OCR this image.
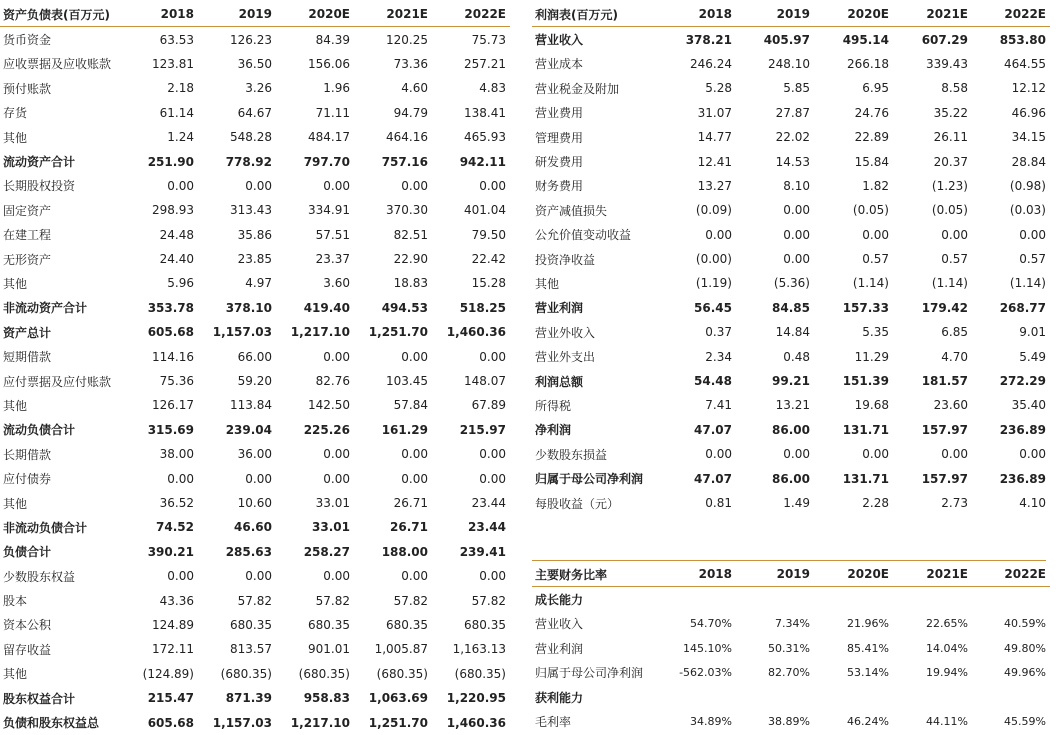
资产负债表(百万元)	2018	2019	2020E	2021E	2022E
货币资金	63.53	126.23	84.39	120.25	75.73
应收票据及应收账款	123.81	36.50	156.06	73.36	257.21
预付账款	2.18	3.26	1.96	4.60	4.83
存货	61.14	64.67	71.11	94.79	138.41
其他	1.24	548.28	484.17	464.16	465.93
流动资产合计	251.90	778.92	797.70	757.16	942.11
长期股权投资	0.00	0.00	0.00	0.00	0.00
固定资产	298.93	313.43	334.91	370.30	401.04
在建工程	24.48	35.86	57.51	82.51	79.50
无形资产	24.40	23.85	23.37	22.90	22.42
其他	5.96	4.97	3.60	18.83	15.28
非流动资产合计	353.78	378.10	419.40	494.53	518.25
资产总计	605.68	1,157.03	1,217.10	1,251.70	1,460.36
短期借款	114.16	66.00	0.00	0.00	0.00
应付票据及应付账款	75.36	59.20	82.76	103.45	148.07
其他	126.17	113.84	142.50	57.84	67.89
流动负债合计	315.69	239.04	225.26	161.29	215.97
长期借款	38.00	36.00	0.00	0.00	0.00
应付债券	0.00	0.00	0.00	0.00	0.00
其他	36.52	10.60	33.01	26.71	23.44
非流动负债合计	74.52	46.60	33.01	26.71	23.44
负债合计	390.21	285.63	258.27	188.00	239.41
少数股东权益	0.00	0.00	0.00	0.00	0.00
股本	43.36	57.82	57.82	57.82	57.82
资本公积	124.89	680.35	680.35	680.35	680.35
留存收益	172.11	813.57	901.01	1,005.87	1,163.13
其他	(124.89)	(680.35)	(680.35)	(680.35)	(680.35)
股东权益合计	215.47	871.39	958.83	1,063.69	1,220.95
负债和股东权益总	605.68	1,157.03	1,217.10	1,251.70	1,460.36
利润表(百万元)	2018	2019	2020E	2021E	2022E
营业收入	378.21	405.97	495.14	607.29	853.80
营业成本	246.24	248.10	266.18	339.43	464.55
营业税金及附加	5.28	5.85	6.95	8.58	12.12
营业费用	31.07	27.87	24.76	35.22	46.96
管理费用	14.77	22.02	22.89	26.11	34.15
研发费用	12.41	14.53	15.84	20.37	28.84
财务费用	13.27	8.10	1.82	(1.23)	(0.98)
资产减值损失	(0.09)	0.00	(0.05)	(0.05)	(0.03)
公允价值变动收益	0.00	0.00	0.00	0.00	0.00
投资净收益	(0.00)	0.00	0.57	0.57	0.57
其他	(1.19)	(5.36)	(1.14)	(1.14)	(1.14)
营业利润	56.45	84.85	157.33	179.42	268.77
营业外收入	0.37	14.84	5.35	6.85	9.01
营业外支出	2.34	0.48	11.29	4.70	5.49
利润总额	54.48	99.21	151.39	181.57	272.29
所得税	7.41	13.21	19.68	23.60	35.40
净利润	47.07	86.00	131.71	157.97	236.89
少数股东损益	0.00	0.00	0.00	0.00	0.00
归属于母公司净利润	47.07	86.00	131.71	157.97	236.89
每股收益（元）	0.81	1.49	2.28	2.73	4.10
主要财务比率	2018	2019	2020E	2021E	2022E
成长能力					
营业收入	54.70%	7.34%	21.96%	22.65%	40.59%
营业利润	145.10%	50.31%	85.41%	14.04%	49.80%
归属于母公司净利润	-562.03%	82.70%	53.14%	19.94%	49.96%
获利能力					
毛利率	34.89%	38.89%	46.24%	44.11%	45.59%
